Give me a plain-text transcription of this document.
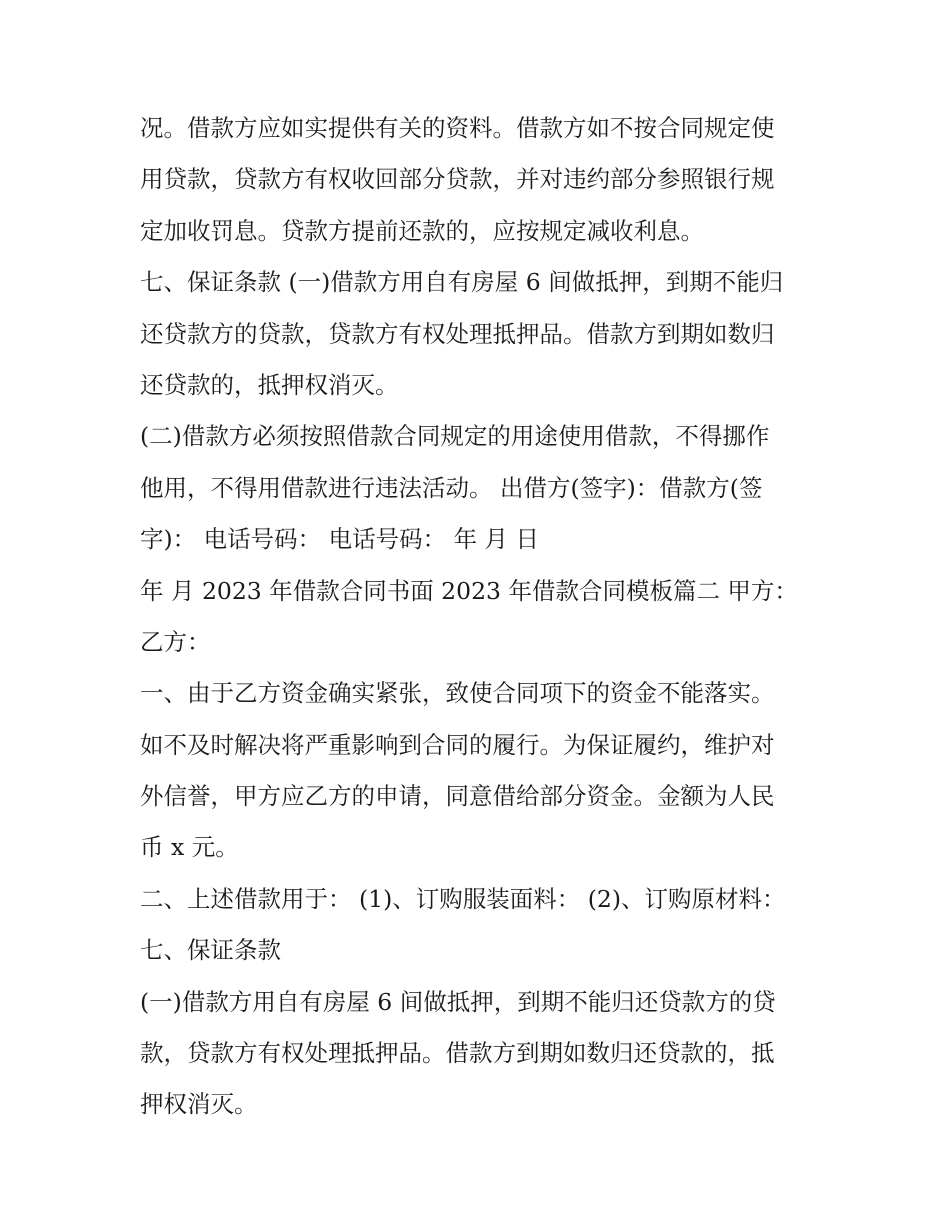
况。借款方应如实提供有关的资料。借款方如不按合同规定使
用贷款，贷款方有权收回部分贷款，并对违约部分参照银行规
定加收罚息。贷款方提前还款的，应按规定减收利息。
七、保证条款 (一)借款方用自有房屋 6 间做抵押，到期不能归
还贷款方的贷款，贷款方有权处理抵押品。借款方到期如数归
还贷款的，抵押权消灭。
(二)借款方必须按照借款合同规定的用途使用借款，不得挪作
他用，不得用借款进行违法活动。 出借方(签字)：借款方(签
字)： 电话号码： 电话号码： 年 月 日
年 月 2023 年借款合同书面 2023 年借款合同模板篇二 甲方：
乙方：
一、由于乙方资金确实紧张，致使合同项下的资金不能落实。
如不及时解决将严重影响到合同的履行。为保证履约，维护对
外信誉，甲方应乙方的申请，同意借给部分资金。金额为人民
币 x 元。
二、上述借款用于： (1)、订购服装面料： (2)、订购原材料：
七、保证条款
(一)借款方用自有房屋 6 间做抵押，到期不能归还贷款方的贷
款，贷款方有权处理抵押品。借款方到期如数归还贷款的，抵
押权消灭。
